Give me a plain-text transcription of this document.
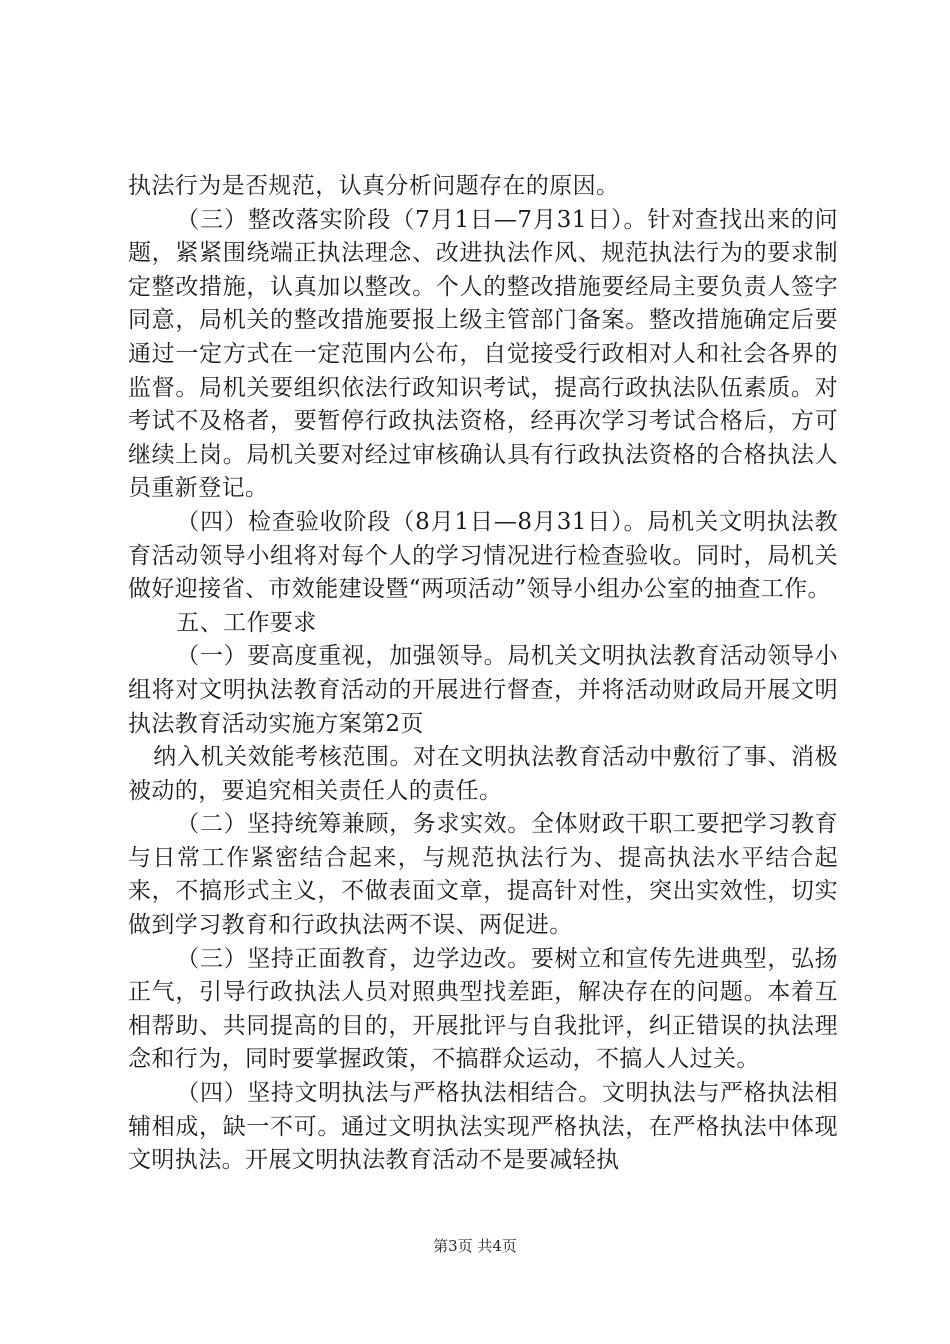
执法行为是否规范，认真分析问题存在的原因。

（三）整改落实阶段（7月1日—7月31日）。针对查找出来的问题，紧紧围绕端正执法理念、改进执法作风、规范执法行为的要求制定整改措施，认真加以整改。个人的整改措施要经局主要负责人签字同意，局机关的整改措施要报上级主管部门备案。整改措施确定后要通过一定方式在一定范围内公布，自觉接受行政相对人和社会各界的监督。局机关要组织依法行政知识考试，提高行政执法队伍素质。对考试不及格者，要暂停行政执法资格，经再次学习考试合格后，方可继续上岗。局机关要对经过审核确认具有行政执法资格的合格执法人员重新登记。

（四）检查验收阶段（8月1日—8月31日）。局机关文明执法教育活动领导小组将对每个人的学习情况进行检查验收。同时，局机关做好迎接省、市效能建设暨“两项活动”领导小组办公室的抽查工作。

五、工作要求

（一）要高度重视，加强领导。局机关文明执法教育活动领导小组将对文明执法教育活动的开展进行督查，并将活动财政局开展文明执法教育活动实施方案第2页

纳入机关效能考核范围。对在文明执法教育活动中敷衍了事、消极被动的，要追究相关责任人的责任。

（二）坚持统筹兼顾，务求实效。全体财政干职工要把学习教育与日常工作紧密结合起来，与规范执法行为、提高执法水平结合起来，不搞形式主义，不做表面文章，提高针对性，突出实效性，切实做到学习教育和行政执法两不误、两促进。

（三）坚持正面教育，边学边改。要树立和宣传先进典型，弘扬正气，引导行政执法人员对照典型找差距，解决存在的问题。本着互相帮助、共同提高的目的，开展批评与自我批评，纠正错误的执法理念和行为，同时要掌握政策，不搞群众运动，不搞人人过关。

（四）坚持文明执法与严格执法相结合。文明执法与严格执法相辅相成，缺一不可。通过文明执法实现严格执法，在严格执法中体现文明执法。开展文明执法教育活动不是要减轻执

第3页 共4页
